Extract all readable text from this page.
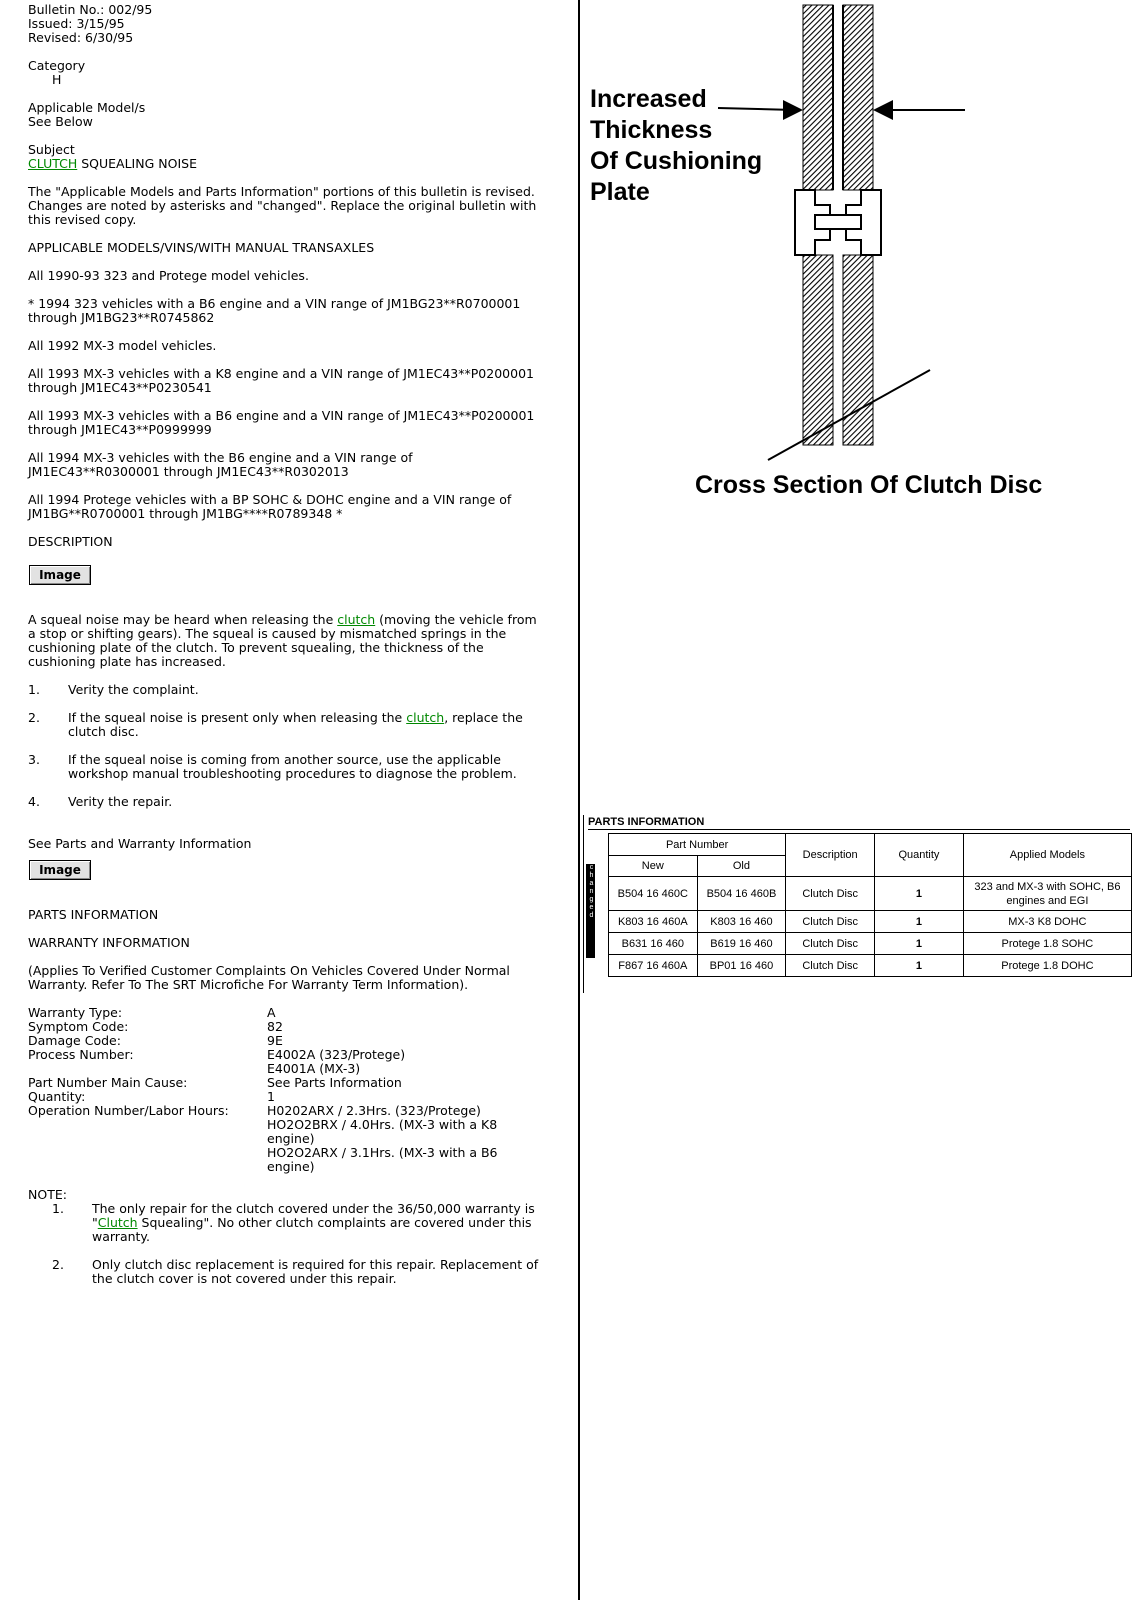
Bulletin No.: 002/95
Issued: 3/15/95
Revised: 6/30/95
Category
H
Applicable Model/s
See Below
Subject
CLUTCH SQUEALING NOISE
The "Applicable Models and Parts Information" portions of this bulletin is revised. Changes are noted by asterisks and "changed". Replace the original bulletin with this revised copy.
APPLICABLE MODELS/VINS/WITH MANUAL TRANSAXLES
All 1990-93 323 and Protege model vehicles.
* 1994 323 vehicles with a B6 engine and a VIN range of JM1BG23**R0700001 through JM1BG23**R0745862
All 1992 MX-3 model vehicles.
All 1993 MX-3 vehicles with a K8 engine and a VIN range of JM1EC43**P0200001 through JM1EC43**P0230541
All 1993 MX-3 vehicles with a B6 engine and a VIN range of JM1EC43**P0200001 through JM1EC43**P0999999
All 1994 MX-3 vehicles with the B6 engine and a VIN range of JM1EC43**R0300001 through JM1EC43**R0302013
All 1994 Protege vehicles with a BP SOHC & DOHC engine and a VIN range of JM1BG**R0700001 through JM1BG****R0789348 *
DESCRIPTION
Image
A squeal noise may be heard when releasing the clutch (moving the vehicle from a stop or shifting gears). The squeal is caused by mismatched springs in the cushioning plate of the clutch. To prevent squealing, the thickness of the cushioning plate has increased.
1. Verity the complaint.
2. If the squeal noise is present only when releasing the clutch, replace the clutch disc.
3. If the squeal noise is coming from another source, use the applicable workshop manual troubleshooting procedures to diagnose the problem.
4. Verity the repair.
See Parts and Warranty Information
Image
PARTS INFORMATION
WARRANTY INFORMATION
(Applies To Verified Customer Complaints On Vehicles Covered Under Normal Warranty. Refer To The SRT Microfiche For Warranty Term Information).
Warranty Type:	A
Symptom Code:	82
Damage Code:	9E
Process Number:	E4002A (323/Protege)
E4001A (MX-3)

Part Number Main Cause:	See Parts Information
Quantity:	1
Operation Number/Labor Hours:	H0202ARX / 2.3Hrs. (323/Protege)
HO2O2BRX / 4.0Hrs. (MX-3 with a K8 engine)
HO2O2ARX / 3.1Hrs. (MX-3 with a B6 engine)
NOTE:
1. The only repair for the clutch covered under the 36/50,000 warranty is "Clutch Squealing". No other clutch complaints are covered under this warranty.
2. Only clutch disc replacement is required for this repair. Replacement of the clutch cover is not covered under this repair.
Increased
Thickness
Of Cushioning
Plate
Cross Section Of Clutch Disc
PARTS INFORMATION
changed
Part Number		Description	Quantity	Applied Models
New	Old			
B504 16 460C	B504 16 460B	Clutch Disc	1	323 and MX-3 with SOHC, B6 engines and EGI
K803 16 460A	K803 16 460	Clutch Disc	1	MX-3 K8 DOHC
B631 16 460	B619 16 460	Clutch Disc	1	Protege 1.8 SOHC
F867 16 460A	BP01 16 460	Clutch Disc	1	Protege 1.8 DOHC
